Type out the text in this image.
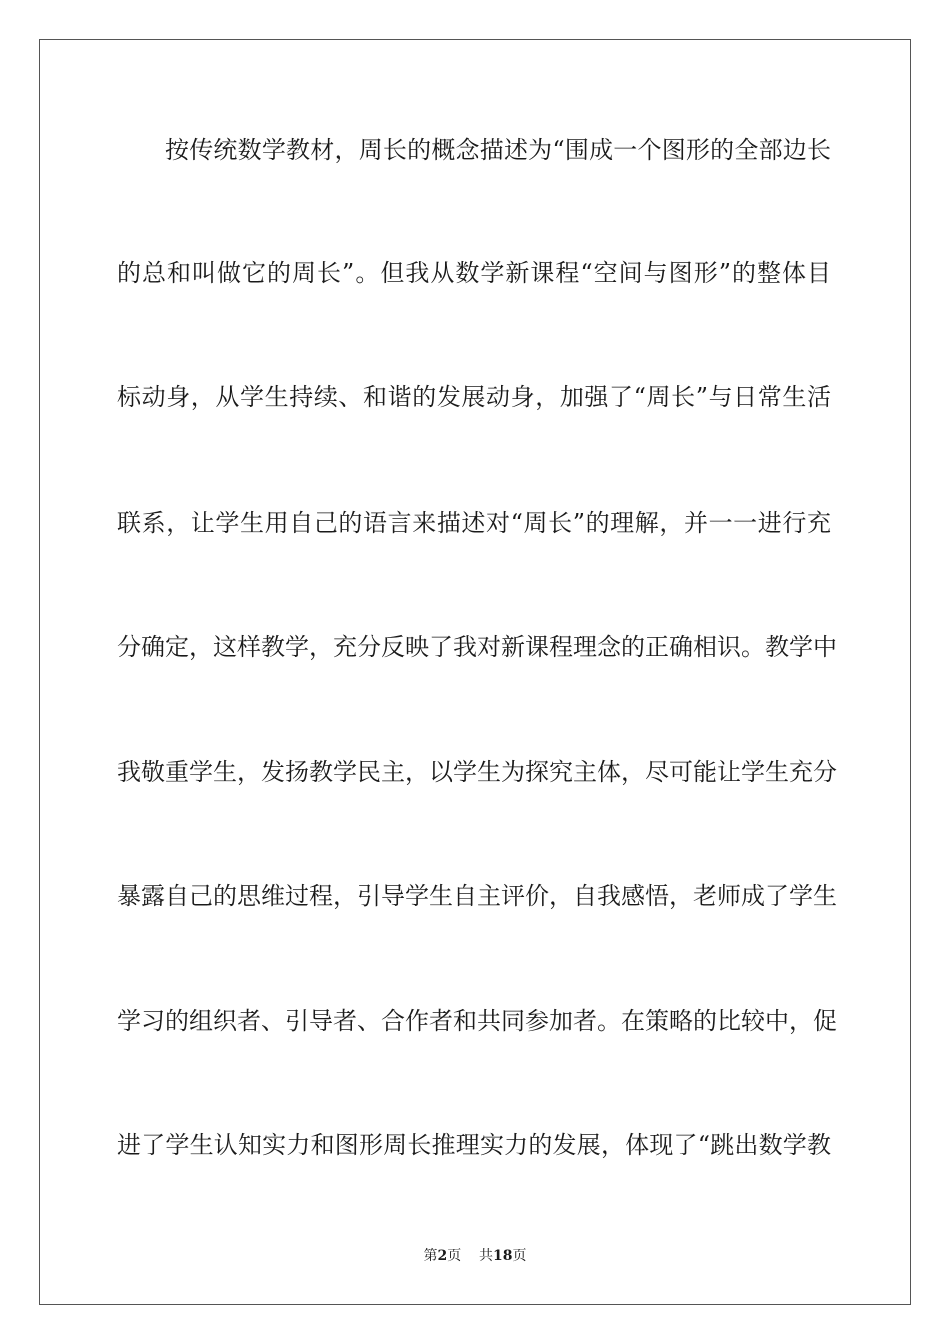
按传统数学教材，周长的概念描述为“围成一个图形的全部边长
的总和叫做它的周长”。但我从数学新课程“空间与图形”的整体目
标动身，从学生持续、和谐的发展动身，加强了“周长”与日常生活
联系，让学生用自己的语言来描述对“周长”的理解，并一一进行充
分确定，这样教学，充分反映了我对新课程理念的正确相识。教学中
我敬重学生，发扬教学民主，以学生为探究主体，尽可能让学生充分
暴露自己的思维过程，引导学生自主评价，自我感悟，老师成了学生
学习的组织者、引导者、合作者和共同参加者。在策略的比较中，促
进了学生认知实力和图形周长推理实力的发展，体现了“跳出数学教
第2页 共18页
